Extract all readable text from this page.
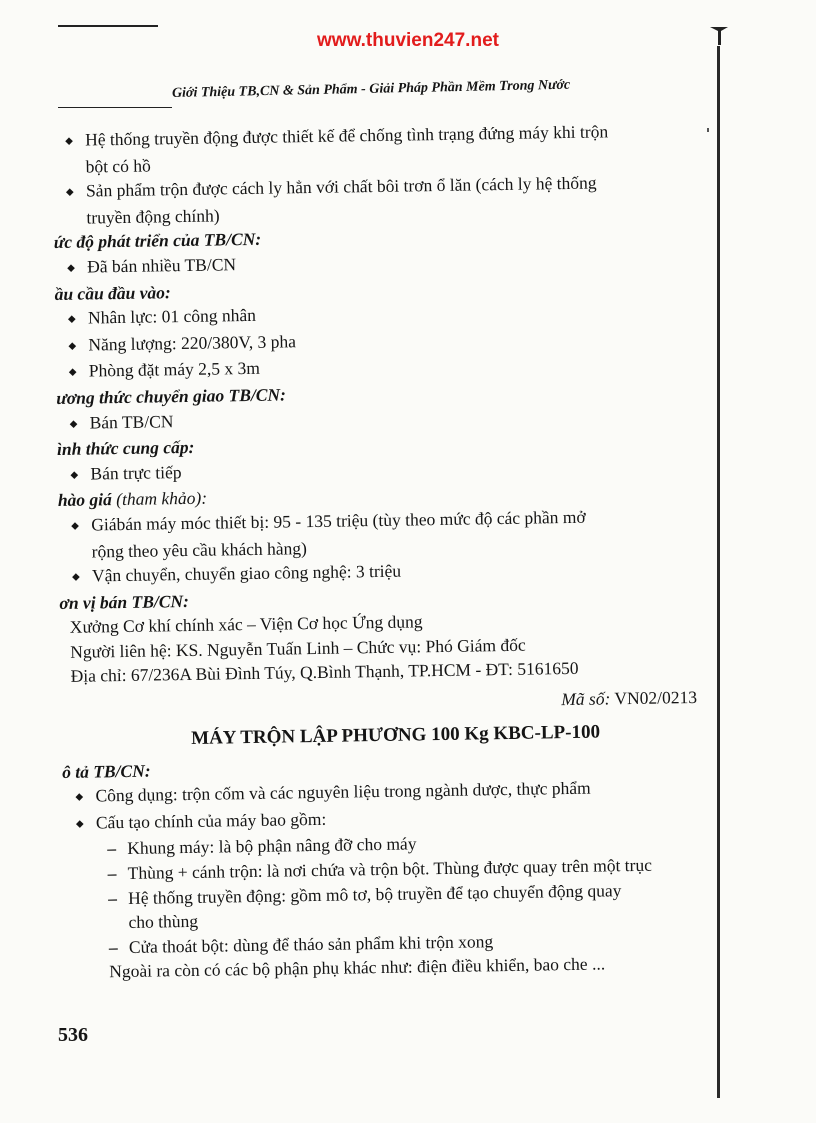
www.thuvien247.net
Giới Thiệu TB,CN & Sản Phẩm - Giải Pháp Phần Mềm Trong Nước
◆ Hệ thống truyền động được thiết kế để chống tình trạng đứng máy khi trộn
bột có hồ
◆ Sản phẩm trộn được cách ly hẳn với chất bôi trơn ổ lăn (cách ly hệ thống
truyền động chính)
ức độ phát triển của TB/CN:
◆ Đã bán nhiều TB/CN
ầu cầu đầu vào:
◆ Nhân lực: 01 công nhân
◆ Năng lượng: 220/380V, 3 pha
◆ Phòng đặt máy 2,5 x 3m
ương thức chuyển giao TB/CN:
◆ Bán TB/CN
ình thức cung cấp:
◆ Bán trực tiếp
hào giá (tham khảo):
◆ Giábán máy móc thiết bị: 95 - 135 triệu (tùy theo mức độ các phần mở
rộng theo yêu cầu khách hàng)
◆ Vận chuyển, chuyển giao công nghệ: 3 triệu
ơn vị bán TB/CN:
Xưởng Cơ khí chính xác – Viện Cơ học Ứng dụng
Người liên hệ: KS. Nguyễn Tuấn Linh – Chức vụ: Phó Giám đốc
Địa chỉ: 67/236A Bùi Đình Túy, Q.Bình Thạnh, TP.HCM - ĐT: 5161650
Mã số: VN02/0213
MÁY TRỘN LẬP PHƯƠNG 100 Kg KBC-LP-100
ô tả TB/CN:
◆ Công dụng: trộn cốm và các nguyên liệu trong ngành dược, thực phẩm
◆ Cấu tạo chính của máy bao gồm:
– Khung máy: là bộ phận nâng đỡ cho máy
– Thùng + cánh trộn: là nơi chứa và trộn bột. Thùng được quay trên một trục
– Hệ thống truyền động: gồm mô tơ, bộ truyền để tạo chuyển động quay
cho thùng
– Cửa thoát bột: dùng để tháo sản phẩm khi trộn xong
Ngoài ra còn có các bộ phận phụ khác như: điện điều khiển, bao che ...
536
